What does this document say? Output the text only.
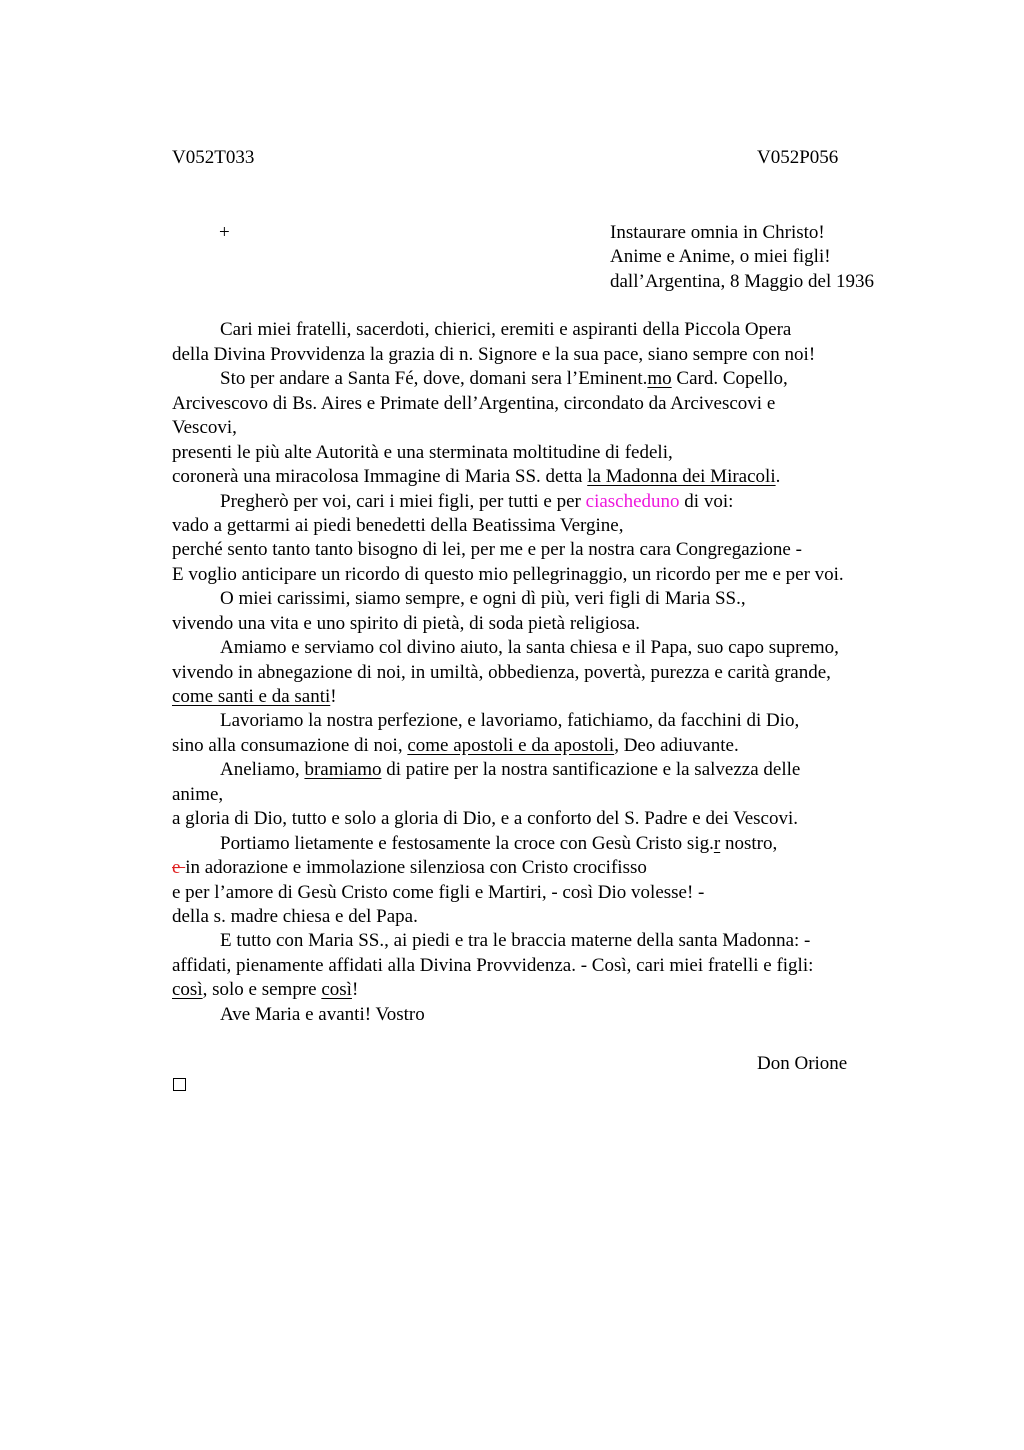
V052T033	V052P056
+	Instaurare omnia in Christo!
Anime e Anime, o miei figli!
dall’Argentina, 8 Maggio del 1936
Cari miei fratelli, sacerdoti, chierici, eremiti e aspiranti della Piccola Opera
della Divina Provvidenza la grazia di n. Signore e la sua pace, siano sempre con noi!
Sto per andare a Santa Fé, dove, domani sera l’Eminent.mo Card. Copello,
Arcivescovo di Bs. Aires e Primate dell’Argentina, circondato da Arcivescovi e
Vescovi,
presenti le più alte Autorità e una sterminata moltitudine di fedeli,
coronerà una miracolosa Immagine di Maria SS. detta la Madonna dei Miracoli.
Pregherò per voi, cari i miei figli, per tutti e per ciascheduno di voi:
vado a gettarmi ai piedi benedetti della Beatissima Vergine,
perché sento tanto tanto bisogno di lei, per me e per la nostra cara Congregazione -
E voglio anticipare un ricordo di questo mio pellegrinaggio, un ricordo per me e per voi.
O miei carissimi, siamo sempre, e ogni dì più, veri figli di Maria SS.,
vivendo una vita e uno spirito di pietà, di soda pietà religiosa.
Amiamo e serviamo col divino aiuto, la santa chiesa e il Papa, suo capo supremo,
vivendo in abnegazione di noi, in umiltà, obbedienza, povertà, purezza e carità grande,
come santi e da santi!
Lavoriamo la nostra perfezione, e lavoriamo, fatichiamo, da facchini di Dio,
sino alla consumazione di noi, come apostoli e da apostoli, Deo adiuvante.
Aneliamo, bramiamo di patire per la nostra santificazione e la salvezza delle
anime,
a gloria di Dio, tutto e solo a gloria di Dio, e a conforto del S. Padre e dei Vescovi.
Portiamo lietamente e festosamente la croce con Gesù Cristo sig.r nostro,
e in adorazione e immolazione silenziosa con Cristo crocifisso
e per l’amore di Gesù Cristo come figli e Martiri, - così Dio volesse! -
della s. madre chiesa e del Papa.
E tutto con Maria SS., ai piedi e tra le braccia materne della santa Madonna: -
affidati, pienamente affidati alla Divina Provvidenza. - Così, cari miei fratelli e figli:
così, solo e sempre così!
Ave Maria e avanti! Vostro
Don Orione
